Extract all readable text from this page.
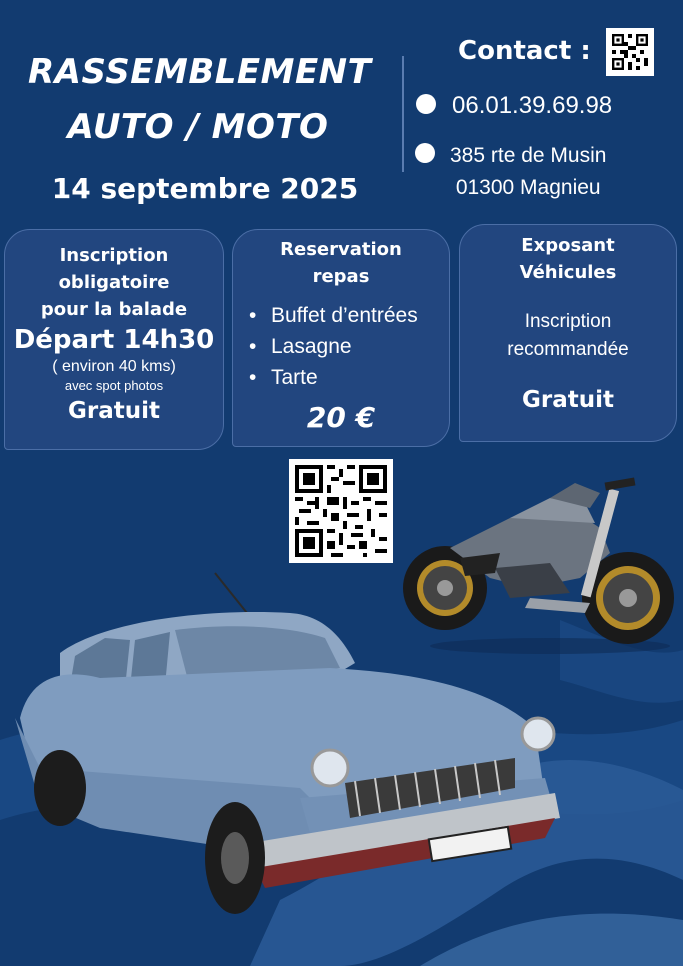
RASSEMBLEMENT
AUTO / MOTO
14 septembre 2025
Contact :
06.01.39.69.98
385 rte de Musin
01300 Magnieu
Inscription
obligatoire
pour la balade
Départ 14h30
( environ 40 kms)
avec spot photos
Gratuit
Reservation
repas
• Buffet d’entrées
• Lasagne
• Tarte
20 €
Exposant
Véhicules
Inscription
recommandée
Gratuit
